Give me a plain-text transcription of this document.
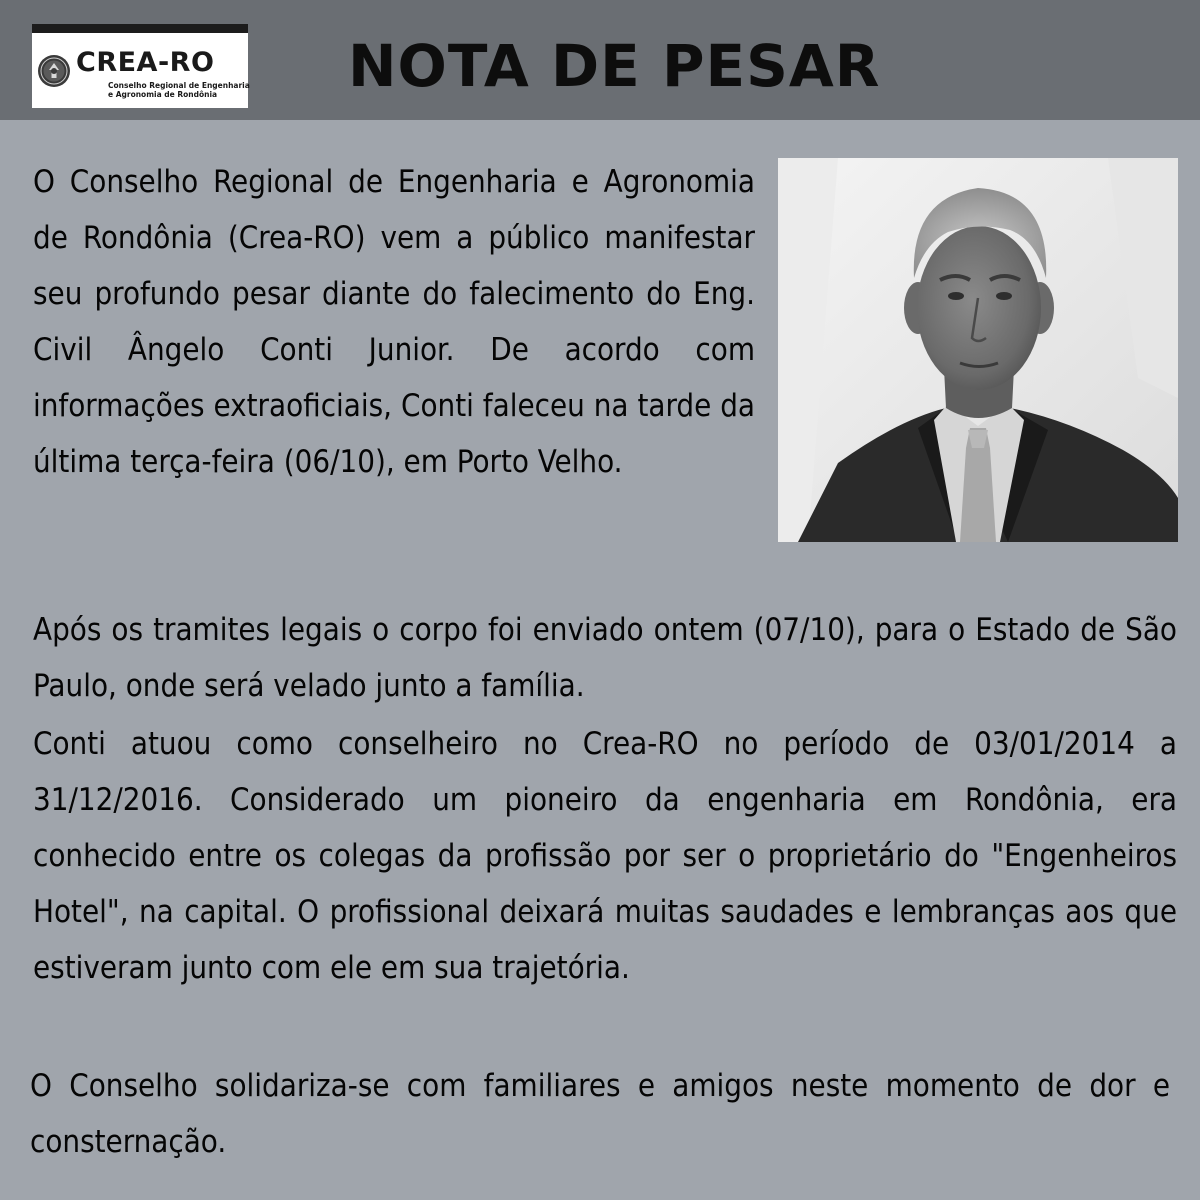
CREA-RO
Conselho Regional de Engenharia
e Agronomia de Rondônia NOTA DE PESAR

O Conselho Regional de Engenharia e Agronomia de Rondônia (Crea-RO) vem a público manifestar seu profundo pesar diante do falecimento do Eng. Civil Ângelo Conti Junior. De acordo com informações extraoficiais, Conti faleceu na tarde da última terça-feira (06/10), em Porto Velho.

Após os tramites legais o corpo foi enviado ontem (07/10), para o Estado de São Paulo, onde será velado junto a família.

Conti atuou como conselheiro no Crea-RO no período de 03/01/2014 a 31/12/2016. Considerado um pioneiro da engenharia em Rondônia, era conhecido entre os colegas da profissão por ser o proprietário do "Engenheiros Hotel", na capital. O profissional deixará muitas saudades e lembranças aos que estiveram junto com ele em sua trajetória.

O Conselho solidariza-se com familiares e amigos neste momento de dor e consternação.
